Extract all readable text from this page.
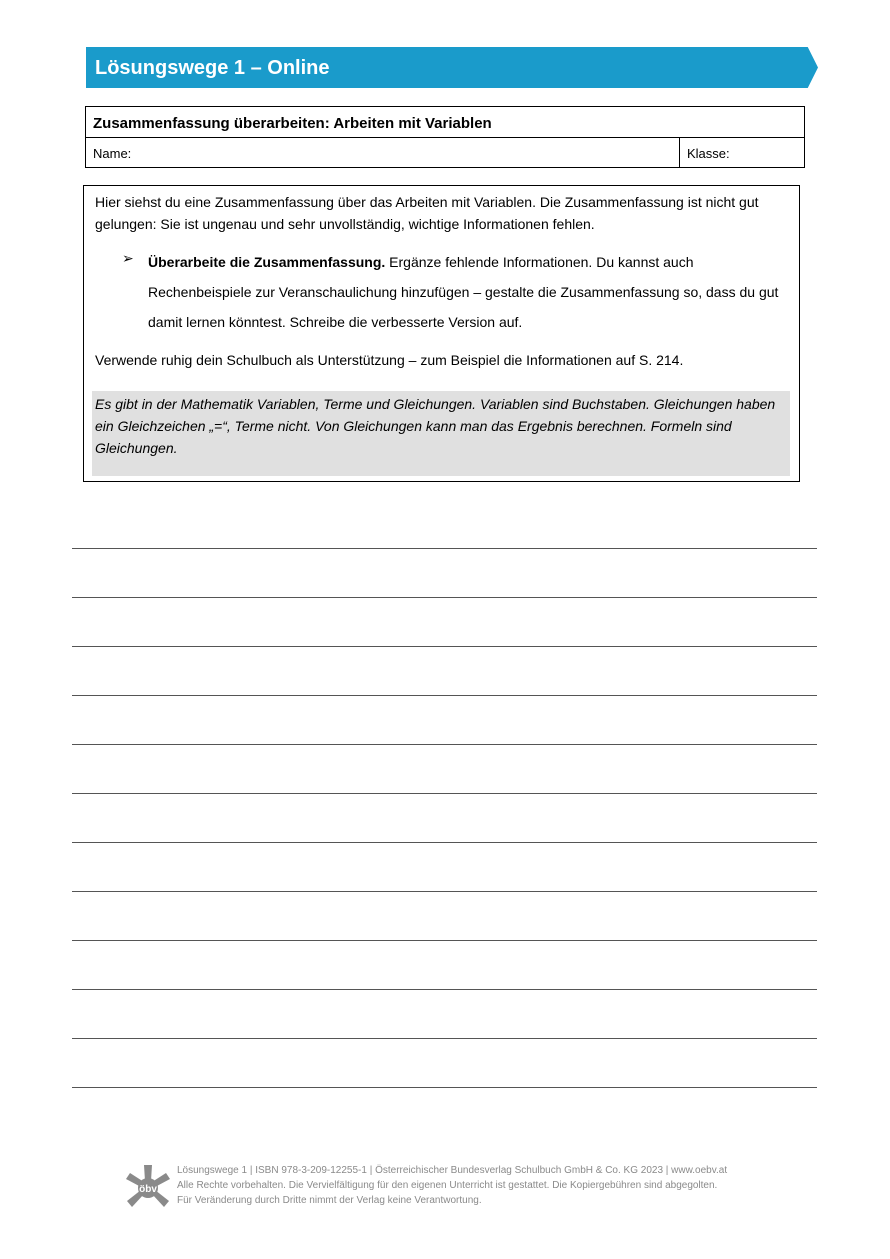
Lösungswege 1 – Online
Zusammenfassung überarbeiten: Arbeiten mit Variablen
Name:	Klasse:

Hier siehst du eine Zusammenfassung über das Arbeiten mit Variablen. Die Zusammenfassung ist nicht gut gelungen: Sie ist ungenau und sehr unvollständig, wichtige Informationen fehlen.

➢ Überarbeite die Zusammenfassung. Ergänze fehlende Informationen. Du kannst auch Rechenbeispiele zur Veranschaulichung hinzufügen – gestalte die Zusammenfassung so, dass du gut damit lernen könntest. Schreibe die verbesserte Version auf.

Verwende ruhig dein Schulbuch als Unterstützung – zum Beispiel die Informationen auf S. 214.

Es gibt in der Mathematik Variablen, Terme und Gleichungen. Variablen sind Buchstaben. Gleichungen haben ein Gleichzeichen „=“, Terme nicht. Von Gleichungen kann man das Ergebnis berechnen. Formeln sind Gleichungen.

öbv
Lösungswege 1 | ISBN 978-3-209-12255-1 | Österreichischer Bundesverlag Schulbuch GmbH & Co. KG 2023 | www.oebv.at
Alle Rechte vorbehalten. Die Vervielfältigung für den eigenen Unterricht ist gestattet. Die Kopiergebühren sind abgegolten.
Für Veränderung durch Dritte nimmt der Verlag keine Verantwortung.
